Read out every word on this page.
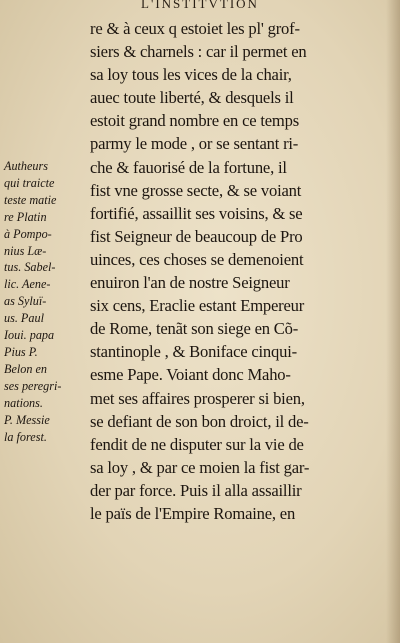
L'INSTITVTION
re & à ceux q estoiet les pl' grof-
siers & charnels : car il permet en
sa loy tous les vices de la chair,
auec toute liberté, & desquels il
estoit grand nombre en ce temps
parmy le mode , or se sentant ri-
che & fauorisé de la fortune, il
fist vne grosse secte, & se voiant
fortifié, assaillit ses voisins, & se
fist Seigneur de beaucoup de Pro
uinces, ces choses se demenoient
enuiron l'an de nostre Seigneur
six cens, Eraclie estant Empereur
de Rome, tenãt son siege en Cõ-
stantinople , & Boniface cinqui-
esme Pape. Voiant donc Maho-
met ses affaires prosperer si bien,
se defiant de son bon droict, il de-
fendit de ne disputer sur la vie de
sa loy , & par ce moien la fist gar-
der par force. Puis il alla assaillir
le païs de l'Empire Romaine, en
Autheurs
qui traicte
teste matie
re Platin
à Pompo-
nius Læ-
tus. Sabel-
lic. Aene-
as Syluï-
us. Paul
Ioui. papa
Pius P.
Belon en
ses peregri-
nations.
P. Messie
la forest.
